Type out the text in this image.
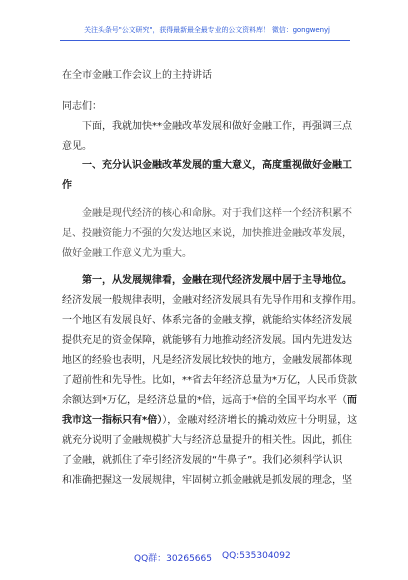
关注头条号"公文研究"，获得最新最全最专业的公文资料库！ 微信：gongwenyj
在全市金融工作会议上的主持讲话
同志们：
下面，我就加快**金融改革发展和做好金融工作，再强调三点
意见。
一、充分认识金融改革发展的重大意义，高度重视做好金融工
作
金融是现代经济的核心和命脉。对于我们这样一个经济积累不
足、投融资能力不强的欠发达地区来说，加快推进金融改革发展，
做好金融工作意义尤为重大。
第一，从发展规律看，金融在现代经济发展中居于主导地位。
经济发展一般规律表明，金融对经济发展具有先导作用和支撑作用。
一个地区有发展良好、体系完备的金融支撑，就能给实体经济发展
提供充足的资金保障，就能够有力地推动经济发展。国内先进发达
地区的经验也表明，凡是经济发展比较快的地方，金融发展都体现
了超前性和先导性。比如，**省去年经济总量为*万亿，人民币贷款
余额达到*万亿，是经济总量的*倍，远高于*倍的全国平均水平（而
我市这一指标只有*倍）），金融对经济增长的撬动效应十分明显，这
就充分说明了金融规模扩大与经济总量提升的相关性。因此，抓住
了金融，就抓住了牵引经济发展的“牛鼻子”。我们必须科学认识
和准确把握这一发展规律，牢固树立抓金融就是抓发展的理念，坚
QQ群：30265665 QQ:535304092
